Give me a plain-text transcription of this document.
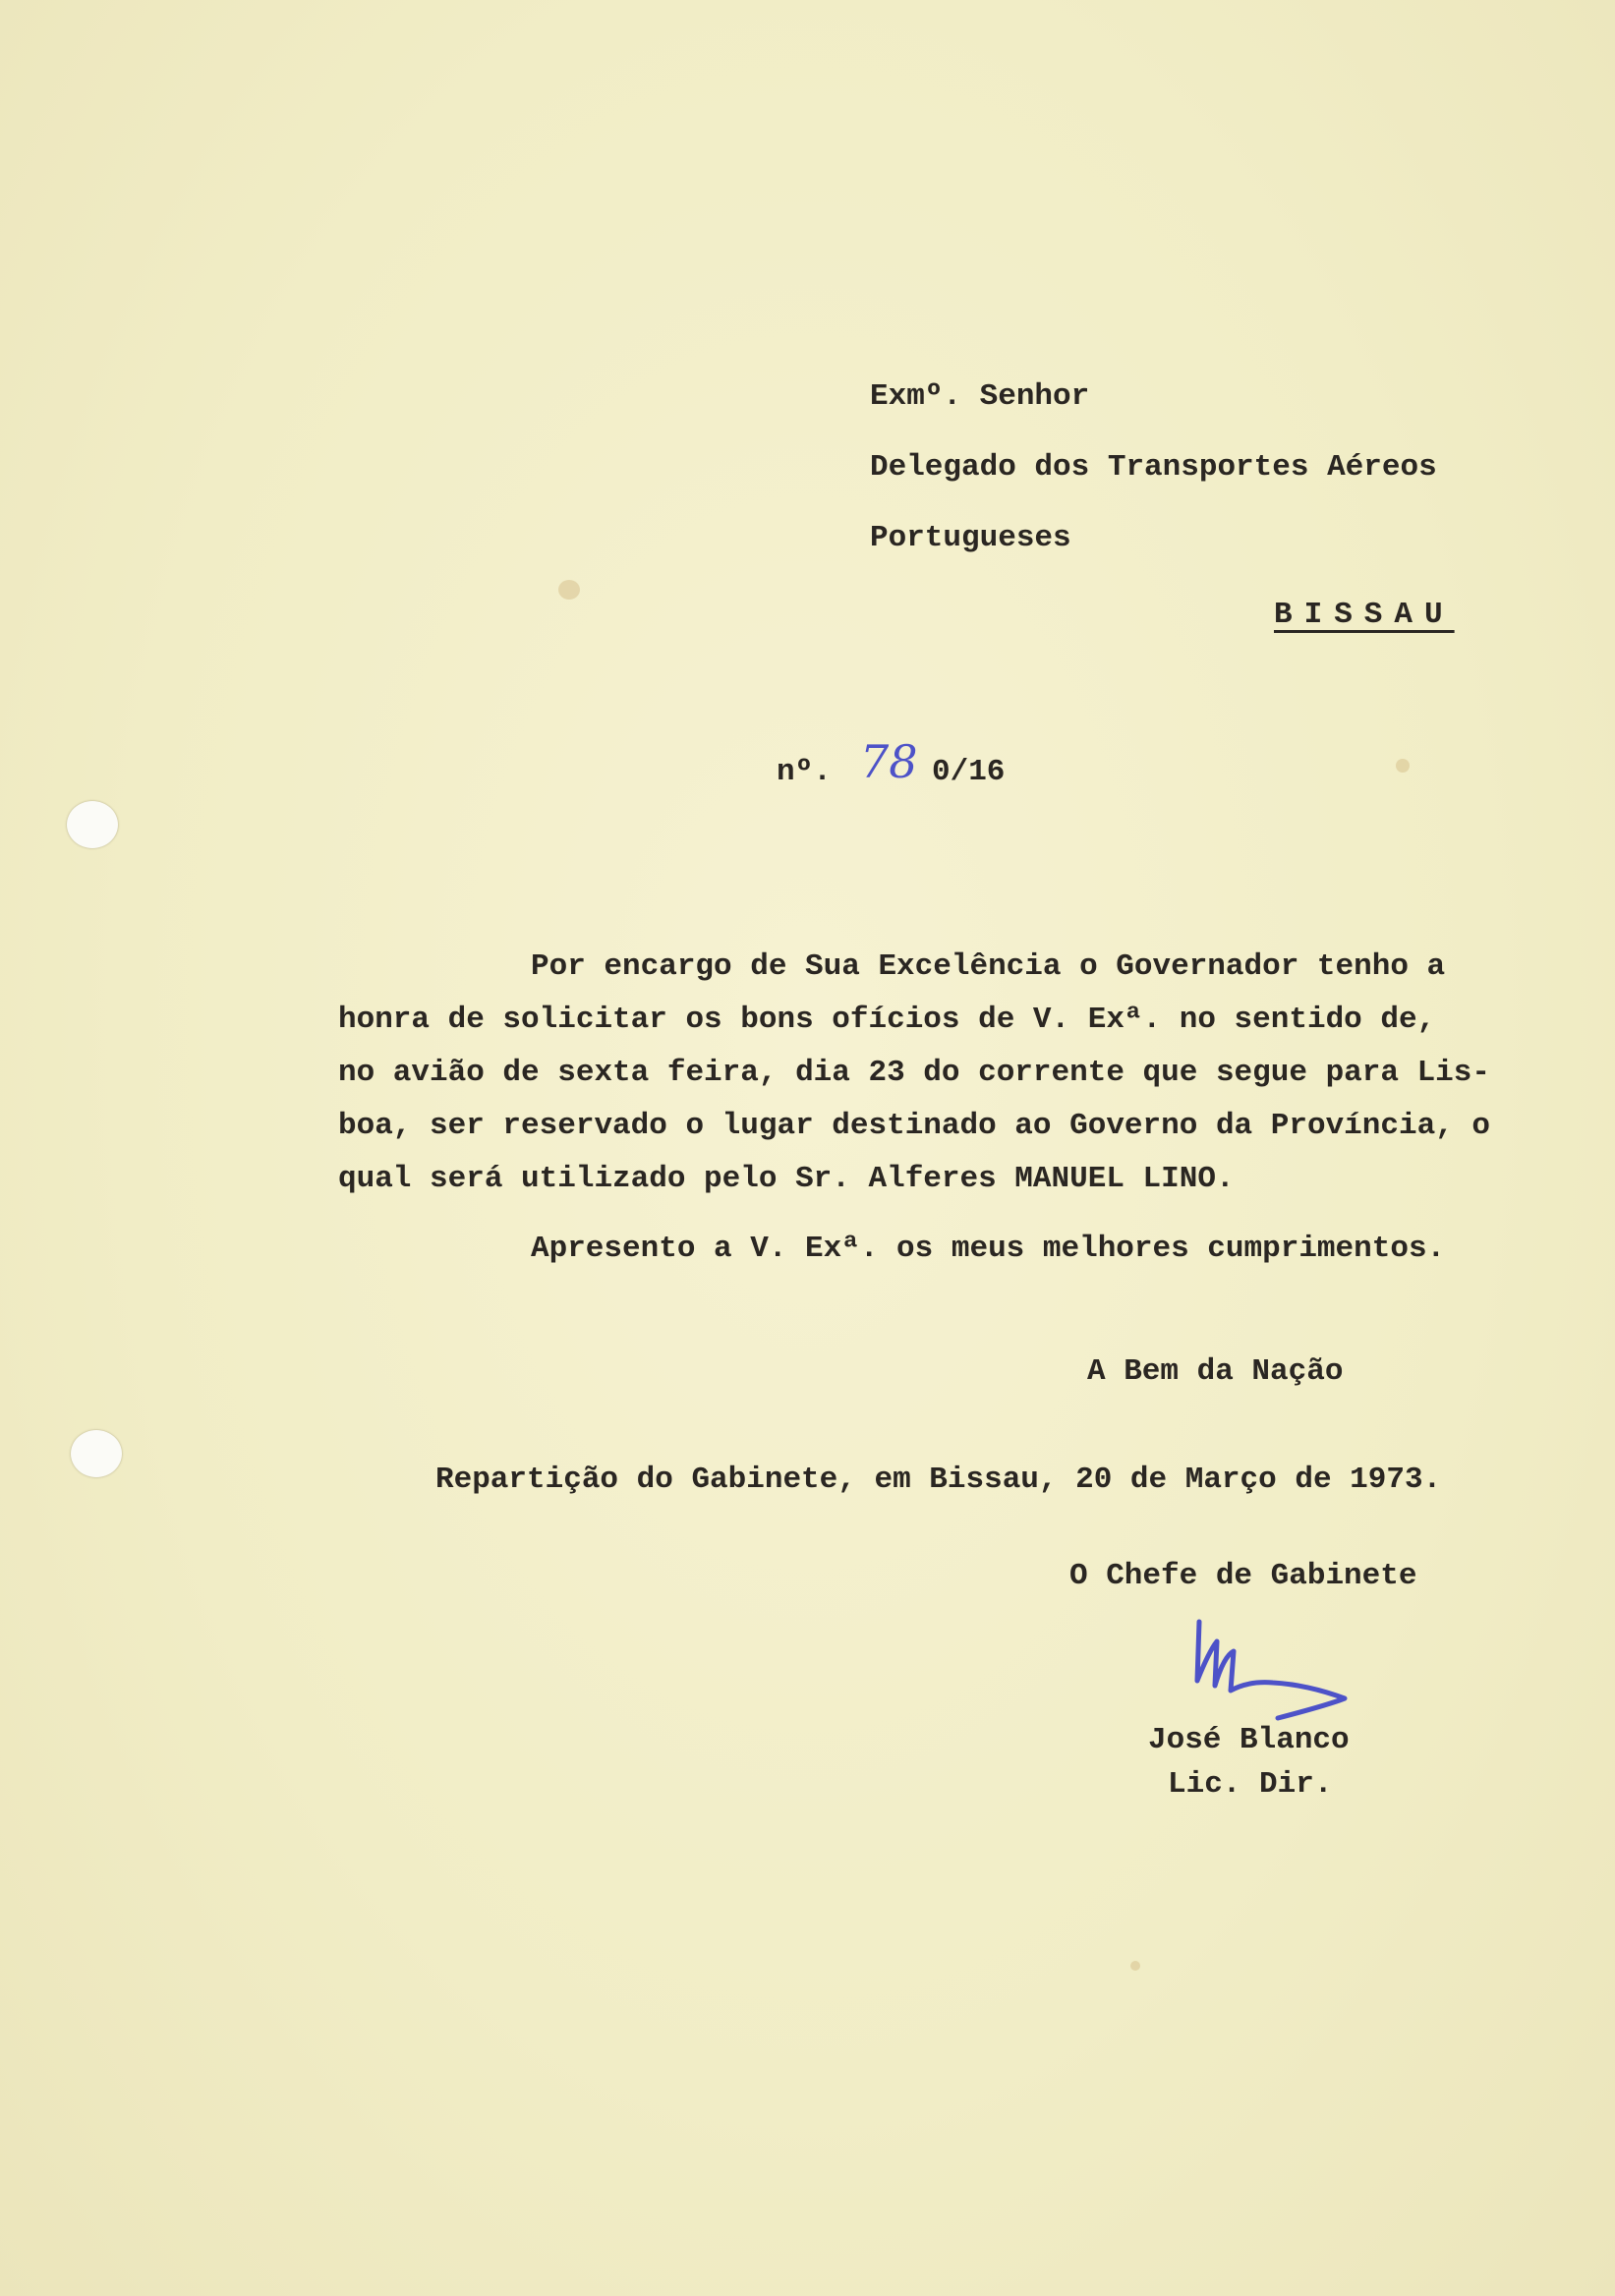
Exmº. Senhor
Delegado dos Transportes Aéreos
Portugueses
BISSAU
nº. 78 0/16
Por encargo de Sua Excelência o Governador tenho a
honra de solicitar os bons ofícios de V. Exª. no sentido de,
no avião de sexta feira, dia 23 do corrente que segue para Lis-
boa, ser reservado o lugar destinado ao Governo da Província, o
qual será utilizado pelo Sr. Alferes MANUEL LINO.
Apresento a V. Exª. os meus melhores cumprimentos.
A Bem da Nação
Repartição do Gabinete, em Bissau, 20 de Março de 1973.
O Chefe de Gabinete
José Blanco
Lic. Dir.
